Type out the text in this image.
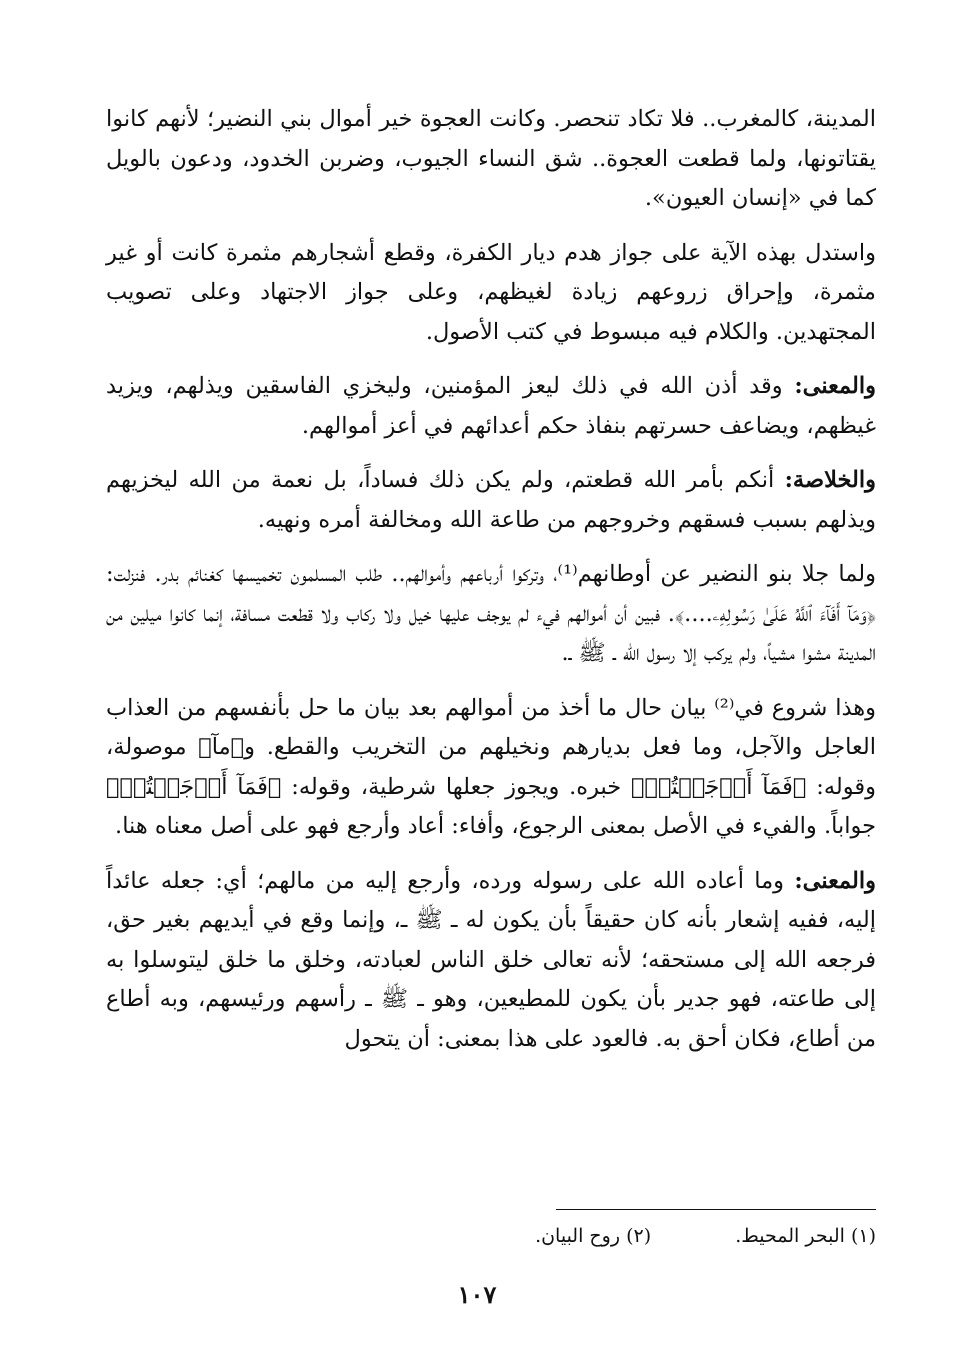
المدينة، كالمغرب.. فلا تكاد تنحصر. وكانت العجوة خير أموال بني النضير؛ لأنهم كانوا يقتاتونها، ولما قطعت العجوة.. شق النساء الجيوب، وضربن الخدود، ودعون بالويل كما في «إنسان العيون».

واستدل بهذه الآية على جواز هدم ديار الكفرة، وقطع أشجارهم مثمرة كانت أو غير مثمرة، وإحراق زروعهم زيادة لغيظهم، وعلى جواز الاجتهاد وعلى تصويب المجتهدين. والكلام فيه مبسوط في كتب الأصول.

والمعنى: وقد أذن الله في ذلك ليعز المؤمنين، وليخزي الفاسقين ويذلهم، ويزيد غيظهم، ويضاعف حسرتهم بنفاذ حكم أعدائهم في أعز أموالهم.

والخلاصة: أنكم بأمر الله قطعتم، ولم يكن ذلك فساداً، بل نعمة من الله ليخزيهم ويذلهم بسبب فسقهم وخروجهم من طاعة الله ومخالفة أمره ونهيه.

ولما جلا بنو النضير عن أوطانهم⁽¹⁾، وتركوا أرباعهم وأموالهم.. طلب المسلمون تخميسها كغنائم بدر. فنزلت: ﴿وَمَآ أَفَآءَ ٱللَّهُ عَلَىٰ رَسُولِهِۦ....﴾. فبين أن أموالهم فيء لم يوجف عليها خيل ولا ركاب ولا قطعت مسافة، إنما كانوا ميلين من المدينة مشوا مشياً، ولم يركب إلا رسول الله ـ ﷺ ـ.

وهذا شروع في⁽²⁾ بيان حال ما أخذ من أموالهم بعد بيان ما حل بأنفسهم من العذاب العاجل والآجل، وما فعل بديارهم ونخيلهم من التخريب والقطع. و﴿مآ﴾ موصولة، وقوله: ﴿فَمَآ أَوۡجَفۡتُمۡ﴾ خبره. ويجوز جعلها شرطية، وقوله: ﴿فَمَآ أَوۡجَفۡتُمۡ﴾ جواباً. والفيء في الأصل بمعنى الرجوع، وأفاء: أعاد وأرجع فهو على أصل معناه هنا.

والمعنى: وما أعاده الله على رسوله ورده، وأرجع إليه من مالهم؛ أي: جعله عائداً إليه، ففيه إشعار بأنه كان حقيقاً بأن يكون له ـ ﷺ ـ، وإنما وقع في أيديهم بغير حق، فرجعه الله إلى مستحقه؛ لأنه تعالى خلق الناس لعبادته، وخلق ما خلق ليتوسلوا به إلى طاعته، فهو جدير بأن يكون للمطيعين، وهو ـ ﷺ ـ رأسهم ورئيسهم، وبه أطاع من أطاع، فكان أحق به. فالعود على هذا بمعنى: أن يتحول

(١) البحر المحيط. (٢) روح البيان.
١٠٧
